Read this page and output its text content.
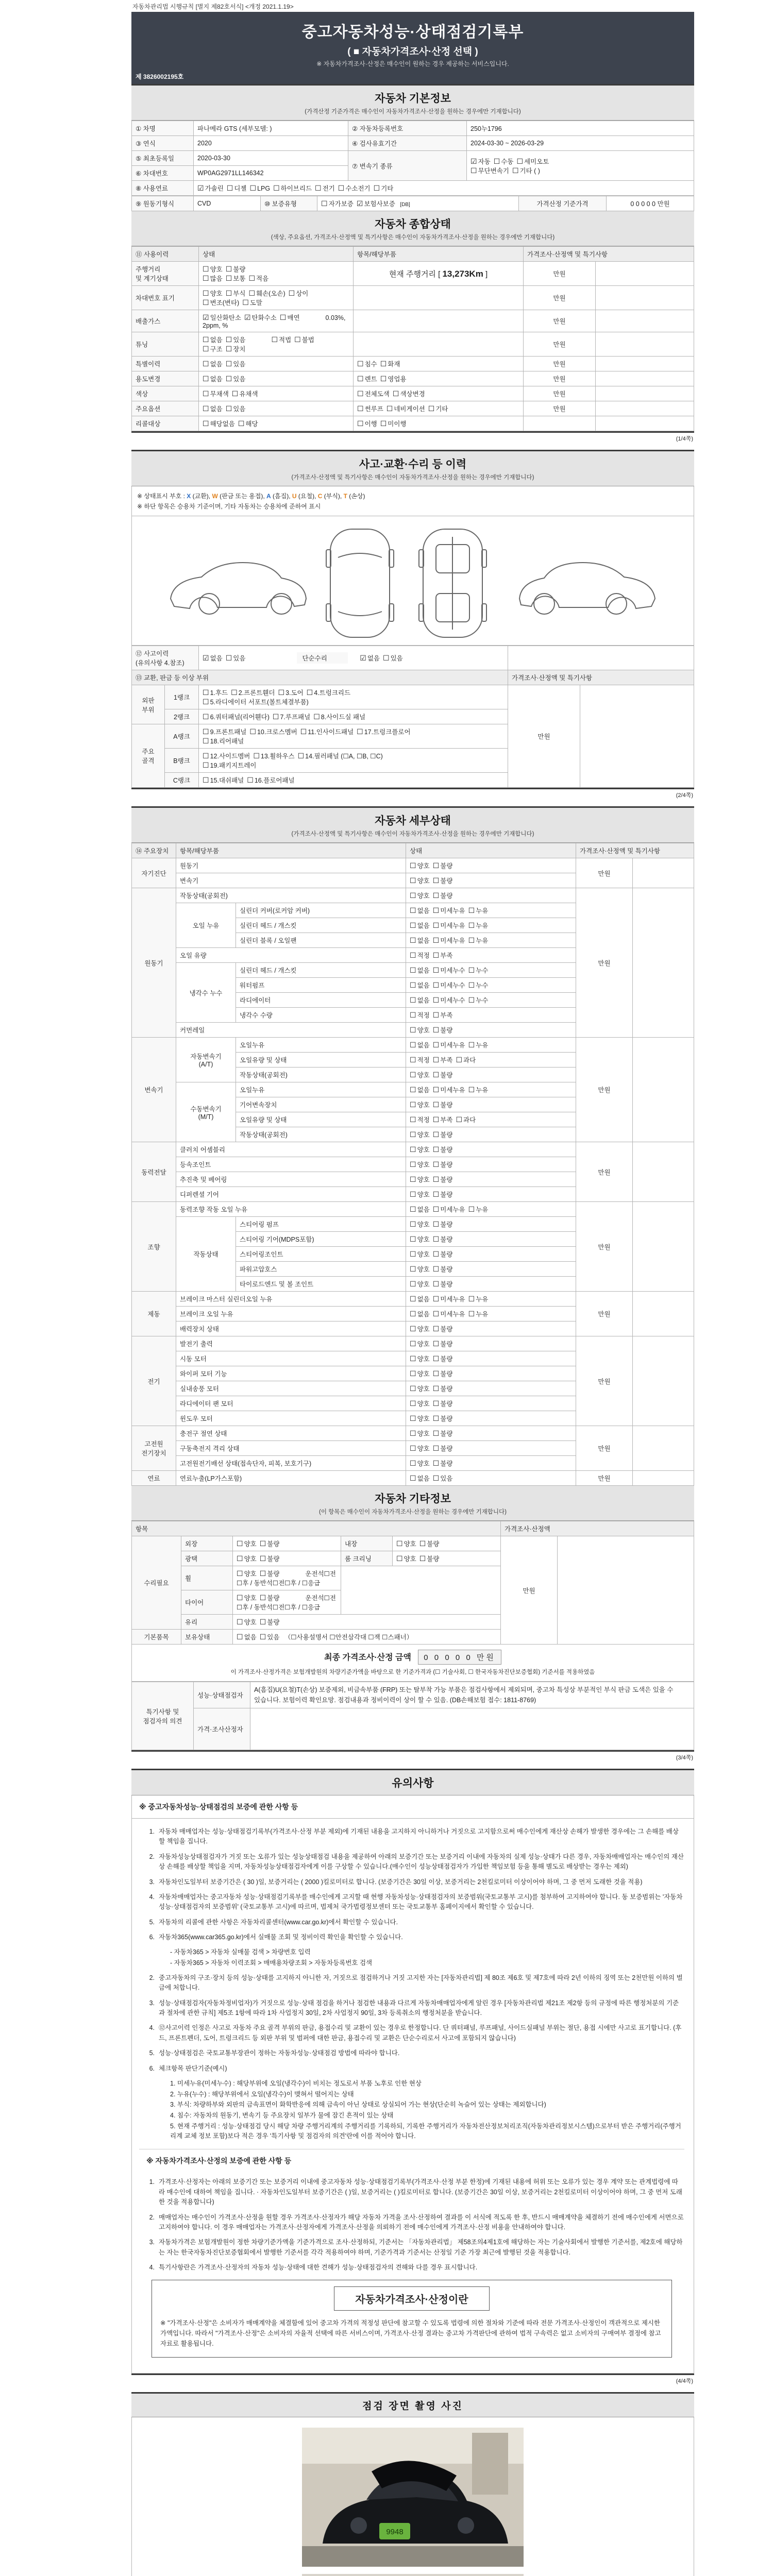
자동차관리법 시행규칙 [별지 제82호서식] <개정 2021.1.19>
중고자동차성능·상태점검기록부
( ■ 자동차가격조사·산정 선택 )
※ 자동차가격조사·산정은 매수인이 원하는 경우 제공하는 서비스입니다.
제 3826002195호
자동차 기본정보
(가격산정 기준가격은 매수인이 자동차가격조사·산정을 원하는 경우에만 기재합니다)
① 차명	파나메라 GTS (세부모델: )	② 자동차등록번호	250누1796
③ 연식	2020	④ 검사유효기간	2024-03-30 ~ 2026-03-29
⑤ 최초등록일	2020-03-30	⑦ 변속기 종류	☑ 자동 ☐ 수동 ☐ 세미오토
☐ 무단변속기 ☐ 기타 ( )
⑥ 차대번호	WP0AG2971LL146342		
⑧ 사용연료	☑ 가솔린 ☐ 디젤 ☐ LPG ☐ 하이브리드 ☐ 전기 ☐ 수소전기 ☐ 기타		
⑨ 원동기형식	CVD	⑩ 보증유형	☐ 자가보증 ☑ 보험사보증 [DB]	가격산정 기준가격	0 0 0 0 0 만원
자동차 종합상태
(색상, 주요옵션, 가격조사·산정액 및 특기사항은 매수인이 자동차가격조사·산정을 원하는 경우에만 기재합니다)
⑪ 사용이력	상태	항목/해당부품	가격조사·산정액 및 특기사항	
주행거리
및 계기상태	☐ 양호 ☐ 불량
☐ 많음 ☐ 보통 ☐ 적음	현재 주행거리 [ 13,273Km ]	만원	
차대번호 표기	☐ 양호 ☐ 부식 ☐ 훼손(오손) ☐ 상이☐ 변조(변타) ☐ 도말		만원	
배출가스	☑ 일산화탄소 ☑ 탄화수소 ☐ 매연 0.03%, 2ppm, %		만원	
튜닝	☐ 없음 ☐ 있음 ☐ 적법 ☐ 불법☐ 구조 ☐ 장치		만원	
특별이력	☐ 없음 ☐ 있음	☐ 침수 ☐ 화재	만원	
용도변경	☐ 없음 ☐ 있음	☐ 렌트 ☐ 영업용	만원	
색상	☐ 무채색 ☐ 유채색	☐ 전체도색 ☐ 색상변경	만원	
주요옵션	☐ 없음 ☐ 있음	☐ 썬루프 ☐ 네비게이션 ☐ 기타	만원	
리콜대상	☐ 해당없음 ☐ 해당	☐ 이행 ☐ 미이행		
(1/4쪽)
사고·교환·수리 등 이력
(가격조사·산정액 및 특기사항은 매수인이 자동차가격조사·산정을 원하는 경우에만 기재합니다)
※ 상태표시 부호 : X (교환), W (판금 또는 용접), A (흠집), U (요철), C (부식), T (손상)
※ 하단 항목은 승용차 기준이며, 기타 자동차는 승용차에 준하여 표시
⑫ 사고이력 (유의사항 4.참조)		☑ 없음 ☐ 있음 단순수리 ☑ 없음 ☐ 있음		
⑬ 교환, 판금 등 이상 부위			가격조사·산정액 및 특기사항	
외판
부위	1랭크	☐ 1.후드 ☐ 2.프론트휀더 ☐ 3.도어 ☐ 4.트렁크리드
☐ 5.라디에이터 서포트(볼트체결부품)	만원	
	2랭크	☐ 6.쿼터패널(리어휀다) ☐ 7.루프패널 ☐ 8.사이드실 패널		
주요
골격	A랭크	☐ 9.프론트패널 ☐ 10.크로스멤버 ☐ 11.인사이드패널 ☐ 17.트렁크플로어
☐ 18.리어패널		
	B랭크	☐ 12.사이드멤버 ☐ 13.휠하우스 ☐ 14.필러패널 (☐A, ☐B, ☐C)
☐ 19.패키지트레이		
	C랭크	☐ 15.대쉬패널 ☐ 16.플로어패널		
(2/4쪽)
자동차 세부상태
(가격조사·산정액 및 특기사항은 매수인이 자동차가격조사·산정을 원하는 경우에만 기재합니다)
⑭ 주요장치	항목/해당부품		상태	가격조사·산정액 및 특기사항	
자기진단	원동기		☐ 양호 ☐ 불량	만원	
	변속기		☐ 양호 ☐ 불량		
원동기	작동상태(공회전)		☐ 양호 ☐ 불량	만원	
	오일 누유	실린더 커버(로커암 커버)	☐ 없음 ☐ 미세누유 ☐ 누유		
		실린더 헤드 / 개스킷	☐ 없음 ☐ 미세누유 ☐ 누유		
		실린더 블록 / 오일팬	☐ 없음 ☐ 미세누유 ☐ 누유		
	오일 유량		☐ 적정 ☐ 부족		
	냉각수 누수	실린더 헤드 / 개스킷	☐ 없음 ☐ 미세누수 ☐ 누수		
		워터펌프	☐ 없음 ☐ 미세누수 ☐ 누수		
		라디에이터	☐ 없음 ☐ 미세누수 ☐ 누수		
		냉각수 수량	☐ 적정 ☐ 부족		
	커먼레일		☐ 양호 ☐ 불량		
변속기	자동변속기
(A/T)	오일누유	☐ 없음 ☐ 미세누유 ☐ 누유	만원	
		오일유량 및 상태	☐ 적정 ☐ 부족 ☐ 과다		
		작동상태(공회전)	☐ 양호 ☐ 불량		
	수동변속기
(M/T)	오일누유	☐ 없음 ☐ 미세누유 ☐ 누유		
		기어변속장치	☐ 양호 ☐ 불량		
		오일유량 및 상태	☐ 적정 ☐ 부족 ☐ 과다		
		작동상태(공회전)	☐ 양호 ☐ 불량		
동력전달	클러치 어셈블리		☐ 양호 ☐ 불량	만원	
	등속조인트		☐ 양호 ☐ 불량		
	추진축 및 베어링		☐ 양호 ☐ 불량		
	디퍼렌셜 기어		☐ 양호 ☐ 불량		
조향	동력조향 작동 오일 누유		☐ 없음 ☐ 미세누유 ☐ 누유	만원	
	작동상태	스티어링 펌프	☐ 양호 ☐ 불량		
		스티어링 기어(MDPS포함)	☐ 양호 ☐ 불량		
		스티어링조인트	☐ 양호 ☐ 불량		
		파워고압호스	☐ 양호 ☐ 불량		
		타이로드엔드 및 볼 조인트	☐ 양호 ☐ 불량		
제동	브레이크 마스터 실린더오일 누유		☐ 없음 ☐ 미세누유 ☐ 누유	만원	
	브레이크 오일 누유		☐ 없음 ☐ 미세누유 ☐ 누유		
	배력장치 상태		☐ 양호 ☐ 불량		
전기	발전기 출력		☐ 양호 ☐ 불량	만원	
	시동 모터		☐ 양호 ☐ 불량		
	와이퍼 모터 기능		☐ 양호 ☐ 불량		
	실내송풍 모터		☐ 양호 ☐ 불량		
	라디에이터 팬 모터		☐ 양호 ☐ 불량		
	윈도우 모터		☐ 양호 ☐ 불량		
고전원
전기장치	충전구 절연 상태		☐ 양호 ☐ 불량	만원	
	구동축전지 격리 상태		☐ 양호 ☐ 불량		
	고전원전기배선 상태(접속단자, 피복, 보호기구)		☐ 양호 ☐ 불량		
연료	연료누출(LP가스포함)		☐ 없음 ☐ 있음	만원	
자동차 기타정보
(이 항목은 매수인이 자동차가격조사·산정을 원하는 경우에만 기재합니다)
항목					가격조사·산정액	
수리필요	외장	☐ 양호 ☐ 불량	내장	☐ 양호 ☐ 불량	만원	
	광택	☐ 양호 ☐ 불량	룸 크리닝	☐ 양호 ☐ 불량		
	휠	☐ 양호 ☐ 불량 운전석☐전☐후 / 동반석☐전☐후 / ☐응급				
	타이어	☐ 양호 ☐ 불량 운전석☐전☐후 / 동반석☐전☐후 / ☐응급				
	유리	☐ 양호 ☐ 불량				
기본품목	보유상태	☐ 없음 ☐ 있음 （☐사용설명서 ☐안전삼각대 ☐잭 ☐스패너）				
최종 가격조사·산정 금액 0 0 0 0 0 만원
이 가격조사·산정가격은 보험개발원의 차량기준가액을 바탕으로 한 기준가격과 (☐ 기술사회, ☐ 한국자동차진단보증협회) 기준서를 적용하였음
특기사항 및
점검자의 의견	성능·상태점검자	A(흠집)U(요철)T(손상) 보증제외, 비금속부품 (FRP) 또는 탈부착 가능 부품은 점검사항에서 제외되며, 중고차 특성상 부분적인 부식 판금 도색은 있을 수 있습니다. 보험이력 확인요망. 점검내용과 정비이력이 상이 할 수 있음. (DB손해보험 접수: 1811-8769)
	가격·조사산정자	
(3/4쪽)
유의사항
※ 중고자동차성능·상태점검의 보증에 관한 사항 등
1. 자동차 매매업자는 성능·상태점검기록부(가격조사·산정 부분 제외)에 기재된 내용을 고지하지 아니하거나 거짓으로 고지함으로써 매수인에게 재산상 손해가 발생한 경우에는 그 손해를 배상할 책임을 집니다.
2. 자동차성능상태점검자가 거짓 또는 오류가 있는 성능상태점검 내용을 제공하여 아래의 보증기간 또는 보증거리 이내에 자동차의 실제 성능·상태가 다른 경우, 자동차매매업자는 매수인의 재산상 손해를 배상할 책임을 지며, 자동차성능상태점검자에게 이를 구상할 수 있습니다.(매수인이 성능상태점검자가 가입한 책임보험 등을 통해 별도로 배상받는 경우는 제외)
3. 자동차인도일부터 보증기간은 ( 30 )일, 보증거리는 ( 2000 )킬로미터로 합니다. (보증기간은 30일 이상, 보증거리는 2천킬로미터 이상이어야 하며, 그 중 먼저 도래한 것을 적용)
4. 자동차매매업자는 중고자동차 성능·상태점검기록부를 매수인에게 고지할 때 현행 자동차성능·상태점검자의 보증범위(국토교통부 고시)를 첨부하여 고지하여야 합니다. 동 보증범위는 '자동차성능·상태점검자의 보증범위' (국토교통부 고시)에 따르며, 법제처 국가법령정보센터 또는 국토교통부 홈페이지에서 확인할 수 있습니다.
5. 자동차의 리콜에 관한 사항은 자동차리콜센터(www.car.go.kr)에서 확인할 수 있습니다.
6. 자동차365(www.car365.go.kr)에서 실매물 조회 및 정비이력 확인을 확인할 수 있습니다.
- 자동차365 > 자동차 실매물 검색 > 차량번호 입력
- 자동차365 > 자동차 이력조회 > 매매용차량조회 > 자동차등록번호 검색
2. 중고자동차의 구조·장치 등의 성능·상태를 고지하지 아니한 자, 거짓으로 점검하거나 거짓 고지한 자는 [자동차관리법] 제 80조 제6호 및 제7호에 따라 2년 이하의 징역 또는 2천만원 이하의 벌금에 처합니다.
3. 성능·상태점검자(자동차정비업자)가 거짓으로 성능·상태 점검을 하거나 점검한 내용과 다르게 자동차매매업자에게 알린 경우 [자동차관리법 제21조 제2항 등의 규정에 따른 행정처분의 기준과 절차에 관한 규칙] 제5조 1항에 따라 1차 사업정지 30일, 2차 사업정지 90일, 3차 등록취소의 행정처분을 받습니다.
4. ⑫사고이력 인정은 사고로 자동차 주요 골격 부위의 판금, 용접수리 및 교환이 있는 경우로 한정합니다. 단 쿼터패널, 루프패널, 사이드실패널 부위는 절단, 용접 시에만 사고로 표기합니다. (후드, 프론트펜더, 도어, 트렁크리드 등 외판 부위 및 범퍼에 대한 판금, 용접수리 및 교환은 단순수리로서 사고에 포함되지 않습니다)
5. 성능·상태점검은 국토교통부장관이 정하는 자동차성능·상태점검 방법에 따라야 합니다.
6. 체크항목 판단기준(예시)
1. 미세누유(미세누수) : 해당부위에 오일(냉각수)이 비치는 정도로서 부품 노후로 인한 현상
2. 누유(누수) : 해당부위에서 오일(냉각수)이 맺혀서 떨어지는 상태
3. 부식: 차량하부와 외판의 금속표면이 화학반응에 의해 금속이 아닌 상태로 상실되어 가는 현상(단순히 녹슬어 있는 상태는 제외합니다)
4. 침수: 자동차의 원동기, 변속기 등 주요장치 일부가 물에 잠긴 흔적이 있는 상태
5. 현재 주행거리 : 성능·상태점검 당시 해당 차량 주행거리계의 주행거리를 기록하되, 기록한 주행거리가 자동차전산정보처리조직(자동차관리정보시스템)으로부터 받은 주행거리(주행거리계 교체 정보 포함)보다 적은 경우 '특기사항 및 점검자의 의견'란에 이를 적어야 합니다.
※ 자동차가격조사·산정의 보증에 관한 사항 등
1. 가격조사·산정자는 아래의 보증기간 또는 보증거리 이내에 중고자동차 성능·상태점검기록부(가격조사·산정 부분 한정)에 기재된 내용에 허위 또는 오류가 있는 경우 계약 또는 관계법령에 따라 매수인에 대하여 책임을 집니다. · 자동차인도일부터 보증기간은 ( )일, 보증거리는 ( )킬로미터로 합니다. (보증기간은 30일 이상, 보증거리는 2천킬로미터 이상이어야 하며, 그 중 먼저 도래한 것을 적용합니다)
2. 매매업자는 매수인이 가격조사·산정을 원할 경우 가격조사·산정자가 해당 자동차 가격을 조사·산정하여 결과를 이 서식에 적도록 한 후, 반드시 매매계약을 체결하기 전에 매수인에게 서면으로 고지하여야 합니다. 이 경우 매매업자는 가격조사·산정자에게 가격조사·산정을 의뢰하기 전에 매수인에게 가격조사·산정 비용을 안내하여야 합니다.
3. 자동차가격은 보험개발원이 정한 차량기준가액을 기준가격으로 조사·산정하되, 기준서는 「자동차관리법」 제58조의4제1호에 해당하는 자는 기술사회에서 발행한 기준서를, 제2호에 해당하는 자는 한국자동차진단보증협회에서 발행한 기준서를 각각 적용하여야 하며, 기준가격과 기준서는 산정일 기준 가장 최근에 발행된 것을 적용합니다.
4. 특기사항란은 가격조사·산정자의 자동차 성능·상태에 대한 견해가 성능·상태점검자의 견해와 다를 경우 표시합니다.
자동차가격조사·산정이란

※ "가격조사·산정"은 소비자가 매매계약을 체결함에 있어 중고차 가격의 적정성 판단에 참고할 수 있도록 법령에 의한 절차와 기준에 따라 전문 가격조사·산정인이 객관적으로 제시한 가액입니다. 따라서 "가격조사·산정"은 소비자의 자율적 선택에 따른 서비스이며, 가격조사·산정 결과는 중고차 가격판단에 관하여 법적 구속력은 없고 소비자의 구매여부 결정에 참고자료로 활용됩니다.

(4/4쪽)
점검 장면 촬영 사진
9948
